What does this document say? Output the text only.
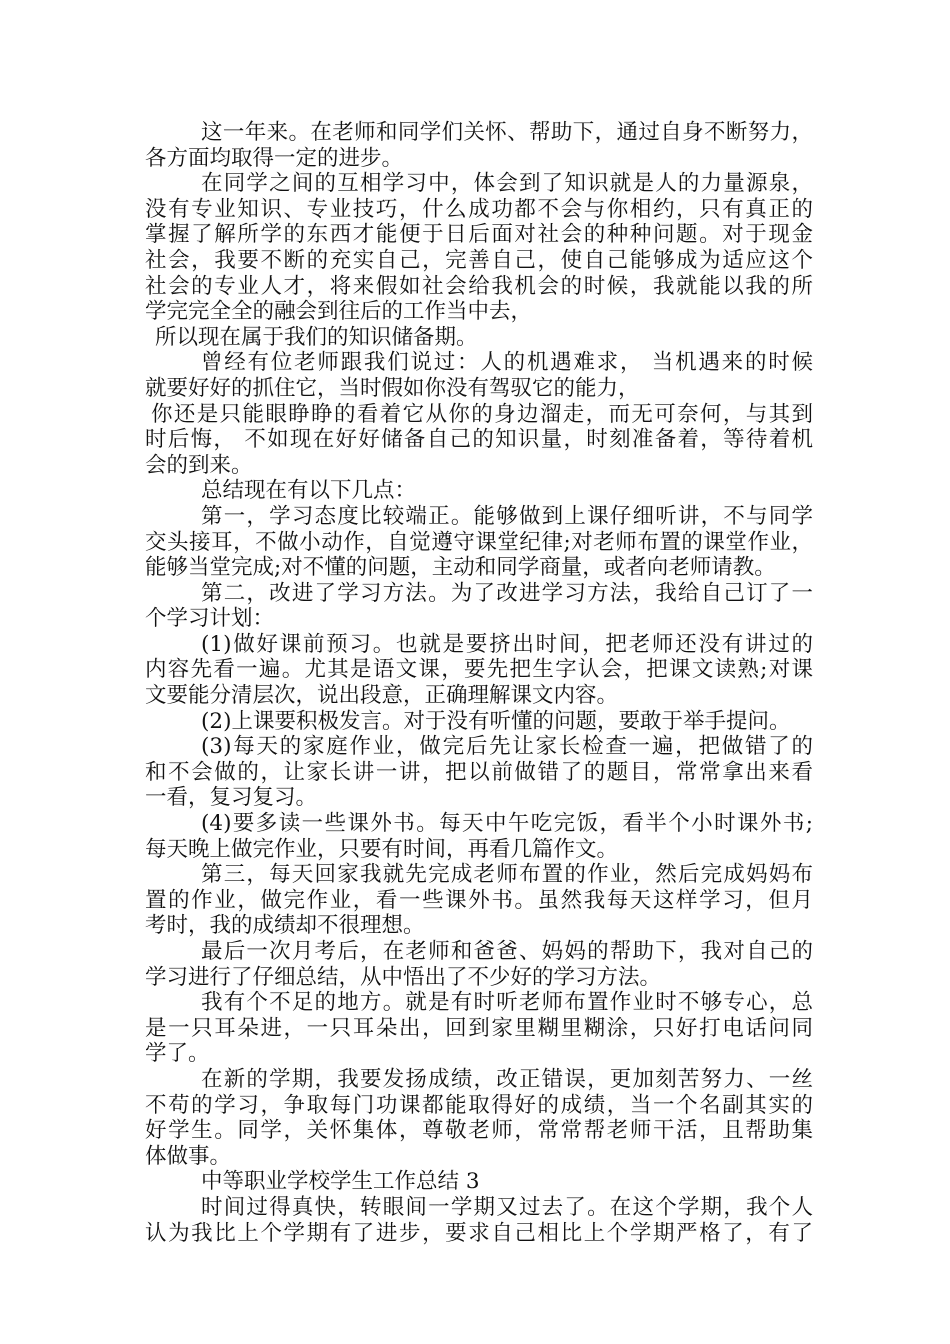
这一年来。在老师和同学们关怀、帮助下，通过自身不断努力，
各方面均取得一定的进步。
在同学之间的互相学习中，体会到了知识就是人的力量源泉，
没有专业知识、专业技巧，什么成功都不会与你相约，只有真正的
掌握了解所学的东西才能便于日后面对社会的种种问题。对于现金
社会，我要不断的充实自己，完善自己，使自己能够成为适应这个
社会的专业人才，将来假如社会给我机会的时候，我就能以我的所
学完完全全的融会到往后的工作当中去，
所以现在属于我们的知识储备期。
曾经有位老师跟我们说过：人的机遇难求， 当机遇来的时候
就要好好的抓住它，当时假如你没有驾驭它的能力，
你还是只能眼睁睁的看着它从你的身边溜走，而无可奈何，与其到
时后悔， 不如现在好好储备自己的知识量，时刻准备着，等待着机
会的到来。
总结现在有以下几点：
第一，学习态度比较端正。能够做到上课仔细听讲，不与同学
交头接耳，不做小动作，自觉遵守课堂纪律;对老师布置的课堂作业，
能够当堂完成;对不懂的问题，主动和同学商量，或者向老师请教。
第二，改进了学习方法。为了改进学习方法，我给自己订了一
个学习计划：
(1)做好课前预习。也就是要挤出时间，把老师还没有讲过的
内容先看一遍。尤其是语文课，要先把生字认会，把课文读熟;对课
文要能分清层次，说出段意，正确理解课文内容。
(2)上课要积极发言。对于没有听懂的问题，要敢于举手提问。
(3)每天的家庭作业，做完后先让家长检查一遍，把做错了的
和不会做的，让家长讲一讲，把以前做错了的题目，常常拿出来看
一看，复习复习。
(4)要多读一些课外书。每天中午吃完饭，看半个小时课外书;
每天晚上做完作业，只要有时间，再看几篇作文。
第三，每天回家我就先完成老师布置的作业，然后完成妈妈布
置的作业，做完作业，看一些课外书。虽然我每天这样学习，但月
考时，我的成绩却不很理想。
最后一次月考后，在老师和爸爸、妈妈的帮助下，我对自己的
学习进行了仔细总结，从中悟出了不少好的学习方法。
我有个不足的地方。就是有时听老师布置作业时不够专心，总
是一只耳朵进，一只耳朵出，回到家里糊里糊涂，只好打电话问同
学了。
在新的学期，我要发扬成绩，改正错误，更加刻苦努力、一丝
不苟的学习，争取每门功课都能取得好的成绩，当一个名副其实的
好学生。同学，关怀集体，尊敬老师，常常帮老师干活，且帮助集
体做事。
中等职业学校学生工作总结 3
时间过得真快，转眼间一学期又过去了。在这个学期，我个人
认为我比上个学期有了进步，要求自己相比上个学期严格了，有了
